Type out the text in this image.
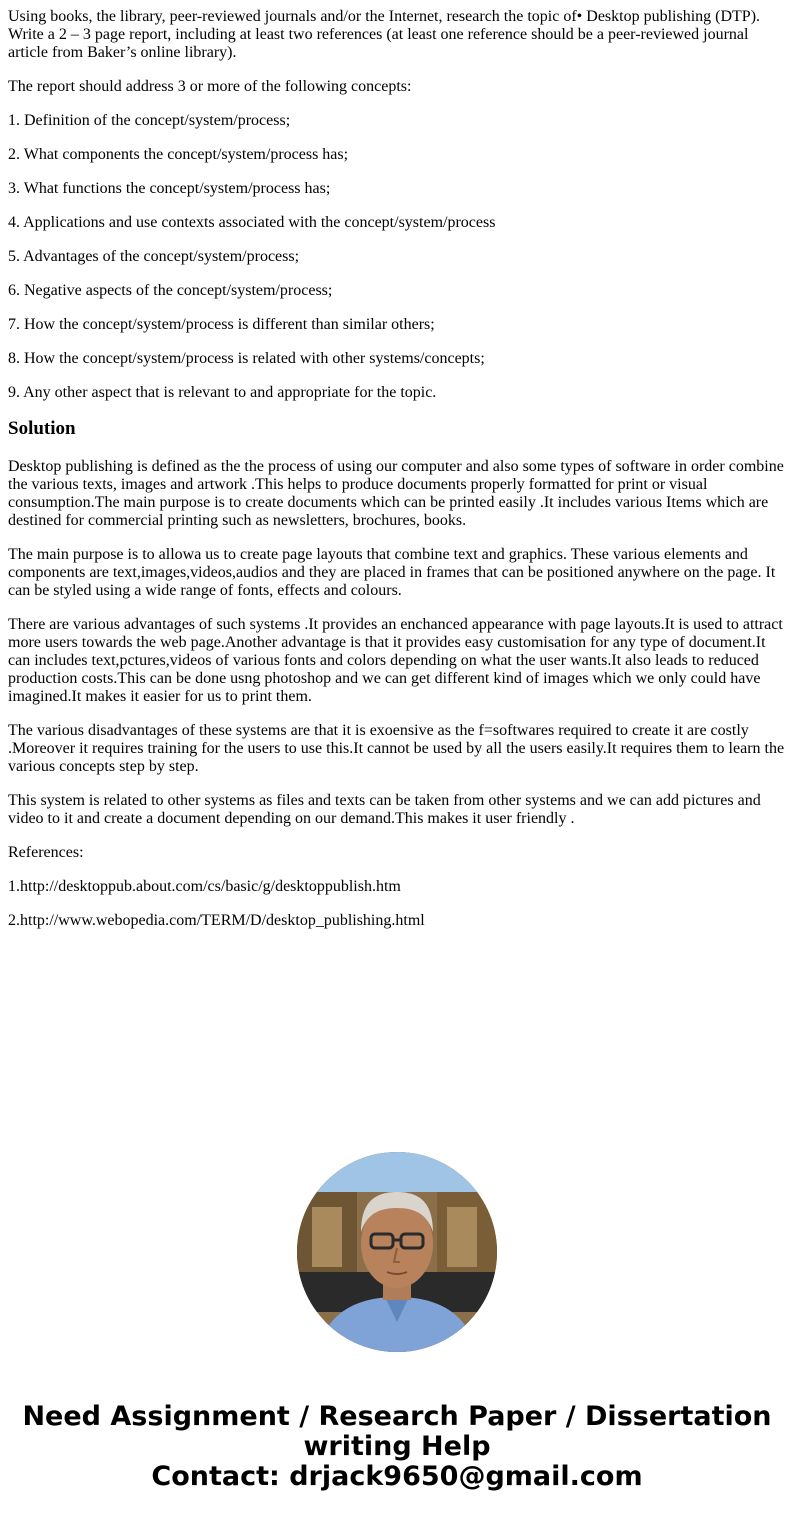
Using books, the library, peer-reviewed journals and/or the Internet, research the topic of• Desktop publishing (DTP). Write a 2 – 3 page report, including at least two references (at least one reference should be a peer-reviewed journal article from Baker’s online library).

The report should address 3 or more of the following concepts:

1. Definition of the concept/system/process;

2. What components the concept/system/process has;

3. What functions the concept/system/process has;

4. Applications and use contexts associated with the concept/system/process

5. Advantages of the concept/system/process;

6. Negative aspects of the concept/system/process;

7. How the concept/system/process is different than similar others;

8. How the concept/system/process is related with other systems/concepts;

9. Any other aspect that is relevant to and appropriate for the topic.

Solution

Desktop publishing is defined as the the process of using our computer and also some types of software in order combine the various texts, images and artwork .This helps to produce documents properly formatted for print or visual consumption.The main purpose is to create documents which can be printed easily .It includes various Items which are destined for commercial printing such as newsletters, brochures, books.

The main purpose is to allowa us to create page layouts that combine text and graphics. These various elements and components are text,images,videos,audios and they are placed in frames that can be positioned anywhere on the page. It can be styled using a wide range of fonts, effects and colours.

There are various advantages of such systems .It provides an enchanced appearance with page layouts.It is used to attract more users towards the web page.Another advantage is that it provides easy customisation for any type of document.It can includes text,pctures,videos of various fonts and colors depending on what the user wants.It also leads to reduced production costs.This can be done usng photoshop and we can get different kind of images which we only could have imagined.It makes it easier for us to print them.

The various disadvantages of these systems are that it is exoensive as the f=softwares required to create it are costly .Moreover it requires training for the users to use this.It cannot be used by all the users easily.It requires them to learn the various concepts step by step.

This system is related to other systems as files and texts can be taken from other systems and we can add pictures and video to it and create a document depending on our demand.This makes it user friendly .

References:

1.http://desktoppub.about.com/cs/basic/g/desktoppublish.htm

2.http://www.webopedia.com/TERM/D/desktop_publishing.html

Need Assignment / Research Paper / Dissertation
writing Help
Contact: drjack9650@gmail.com
